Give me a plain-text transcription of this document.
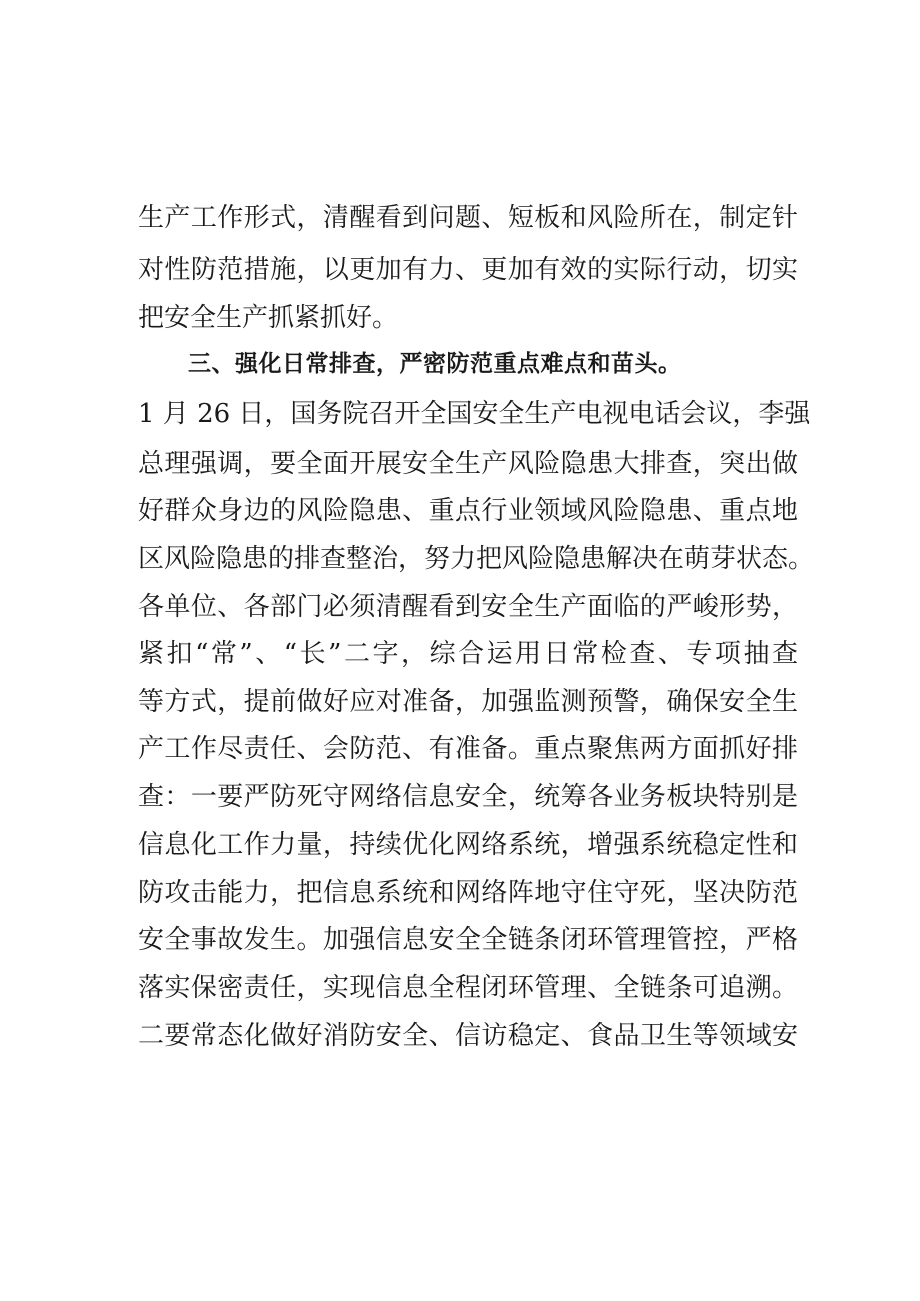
生产工作形式，清醒看到问题、短板和风险所在，制定针
对性防范措施，以更加有力、更加有效的实际行动，切实
把安全生产抓紧抓好。
三、强化日常排查，严密防范重点难点和苗头。
1 月 26 日，国务院召开全国安全生产电视电话会议，李强
总理强调，要全面开展安全生产风险隐患大排查，突出做
好群众身边的风险隐患、重点行业领域风险隐患、重点地
区风险隐患的排查整治，努力把风险隐患解决在萌芽状态。
各单位、各部门必须清醒看到安全生产面临的严峻形势，
紧扣“常”、“长”二字，综合运用日常检查、专项抽查
等方式，提前做好应对准备，加强监测预警，确保安全生
产工作尽责任、会防范、有准备。重点聚焦两方面抓好排
查：一要严防死守网络信息安全，统筹各业务板块特别是
信息化工作力量，持续优化网络系统，增强系统稳定性和
防攻击能力，把信息系统和网络阵地守住守死，坚决防范
安全事故发生。加强信息安全全链条闭环管理管控，严格
落实保密责任，实现信息全程闭环管理、全链条可追溯。
二要常态化做好消防安全、信访稳定、食品卫生等领域安
